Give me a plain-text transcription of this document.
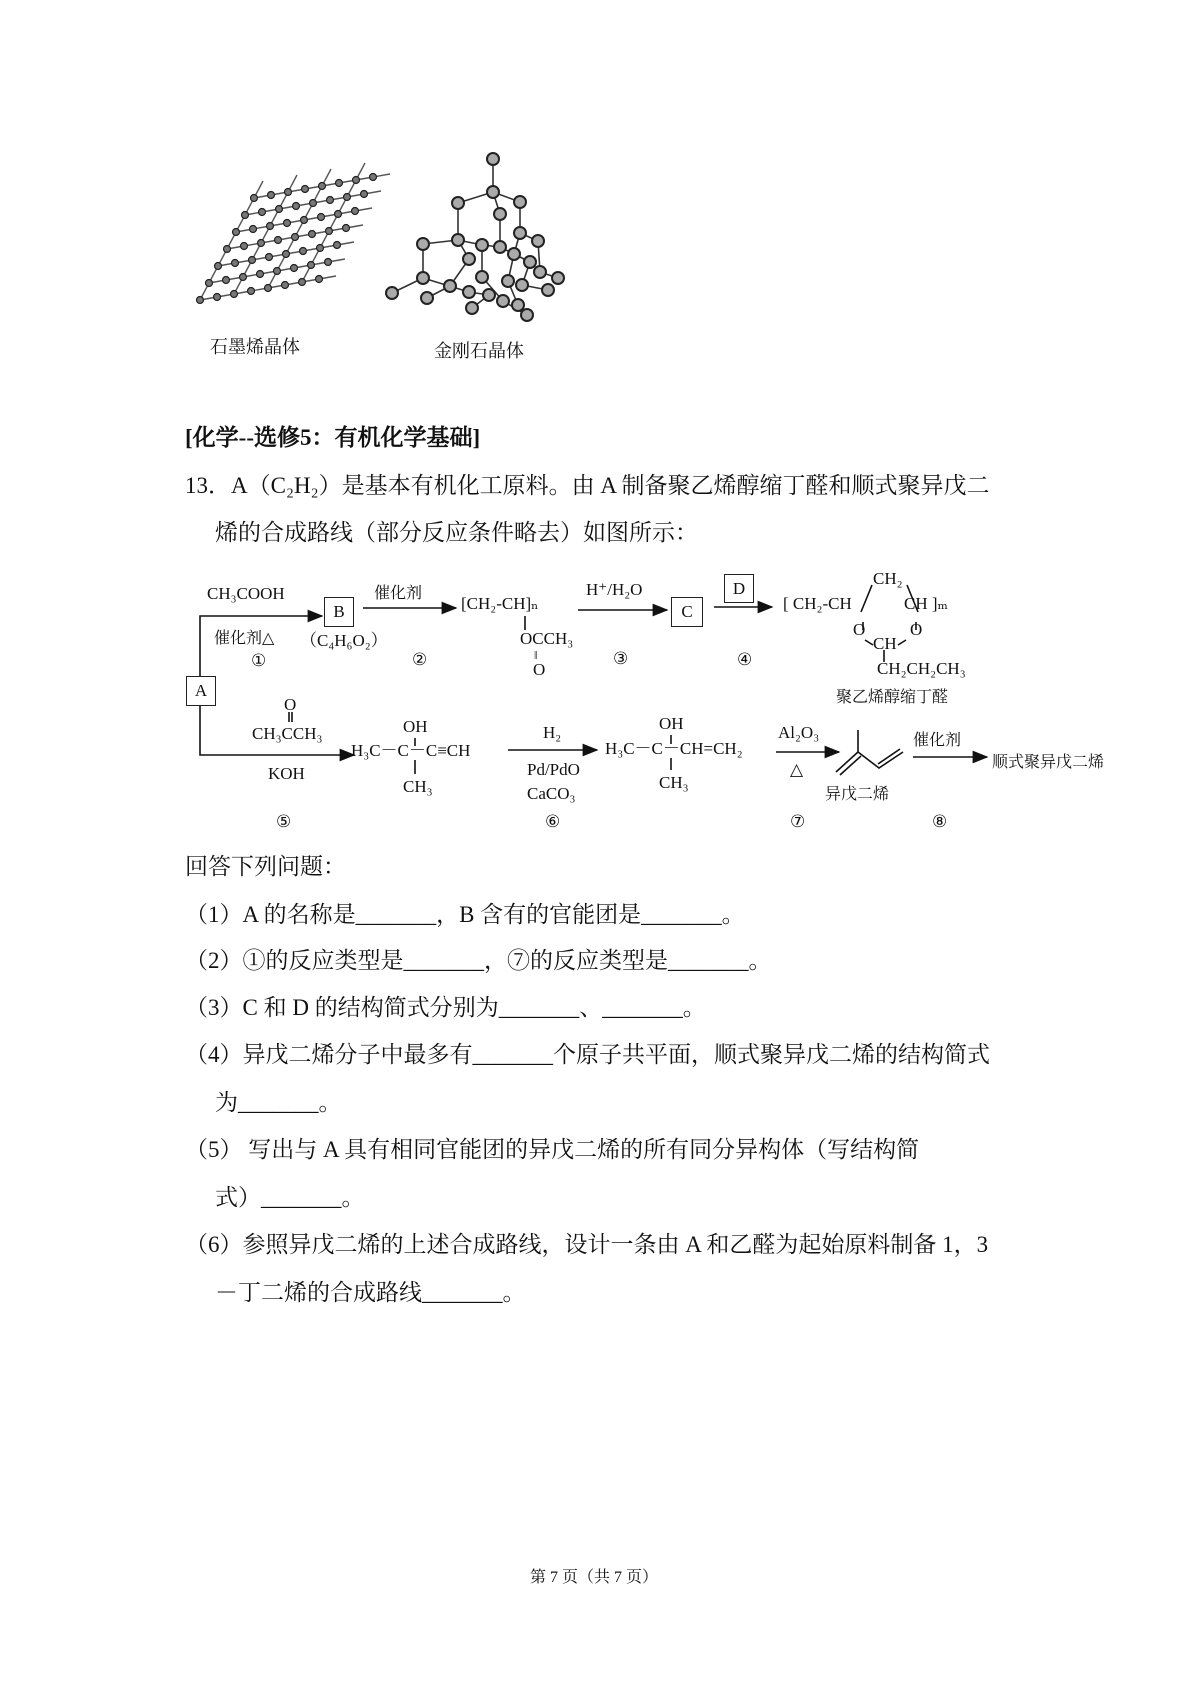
石墨烯晶体	金刚石晶体
[化学--选修5：有机化学基础]
13．A（C₂H₂）是基本有机化工原料。由 A 制备聚乙烯醇缩丁醛和顺式聚异戊二
烯的合成路线（部分反应条件略去）如图所示：
CH₃COOH
催化剂△
①
A
B
（C₄H₆O₂）
催化剂
②
[CH₂-CH]ₙ
OCCH₃
‖
O
H⁺/H₂O
③
C
D
④
[ CH₂-CH
CH₂
CH ]ₘ
O	O
CH
CH₂CH₂CH₃
聚乙烯醇缩丁醛
O
CH₃CCH₃
KOH
⑤
OH
H₃C－C－C≡CH
CH₃
H₂
Pd/PdO
CaCO₃
⑥
OH
H₃C－C－CH=CH₂
CH₃
Al₂O₃
△
⑦
异戊二烯
催化剂
⑧
顺式聚异戊二烯
回答下列问题：
（1）A 的名称是_______，B 含有的官能团是_______。
（2）①的反应类型是_______，⑦的反应类型是_______。
（3）C 和 D 的结构简式分别为_______、_______。
（4）异戊二烯分子中最多有_______个原子共平面，顺式聚异戊二烯的结构简式
为_______。
（5） 写出与 A 具有相同官能团的异戊二烯的所有同分异构体（写结构简
式）_______。
（6）参照异戊二烯的上述合成路线，设计一条由 A 和乙醛为起始原料制备 1，3
－丁二烯的合成路线_______。
第 7 页（共 7 页）
